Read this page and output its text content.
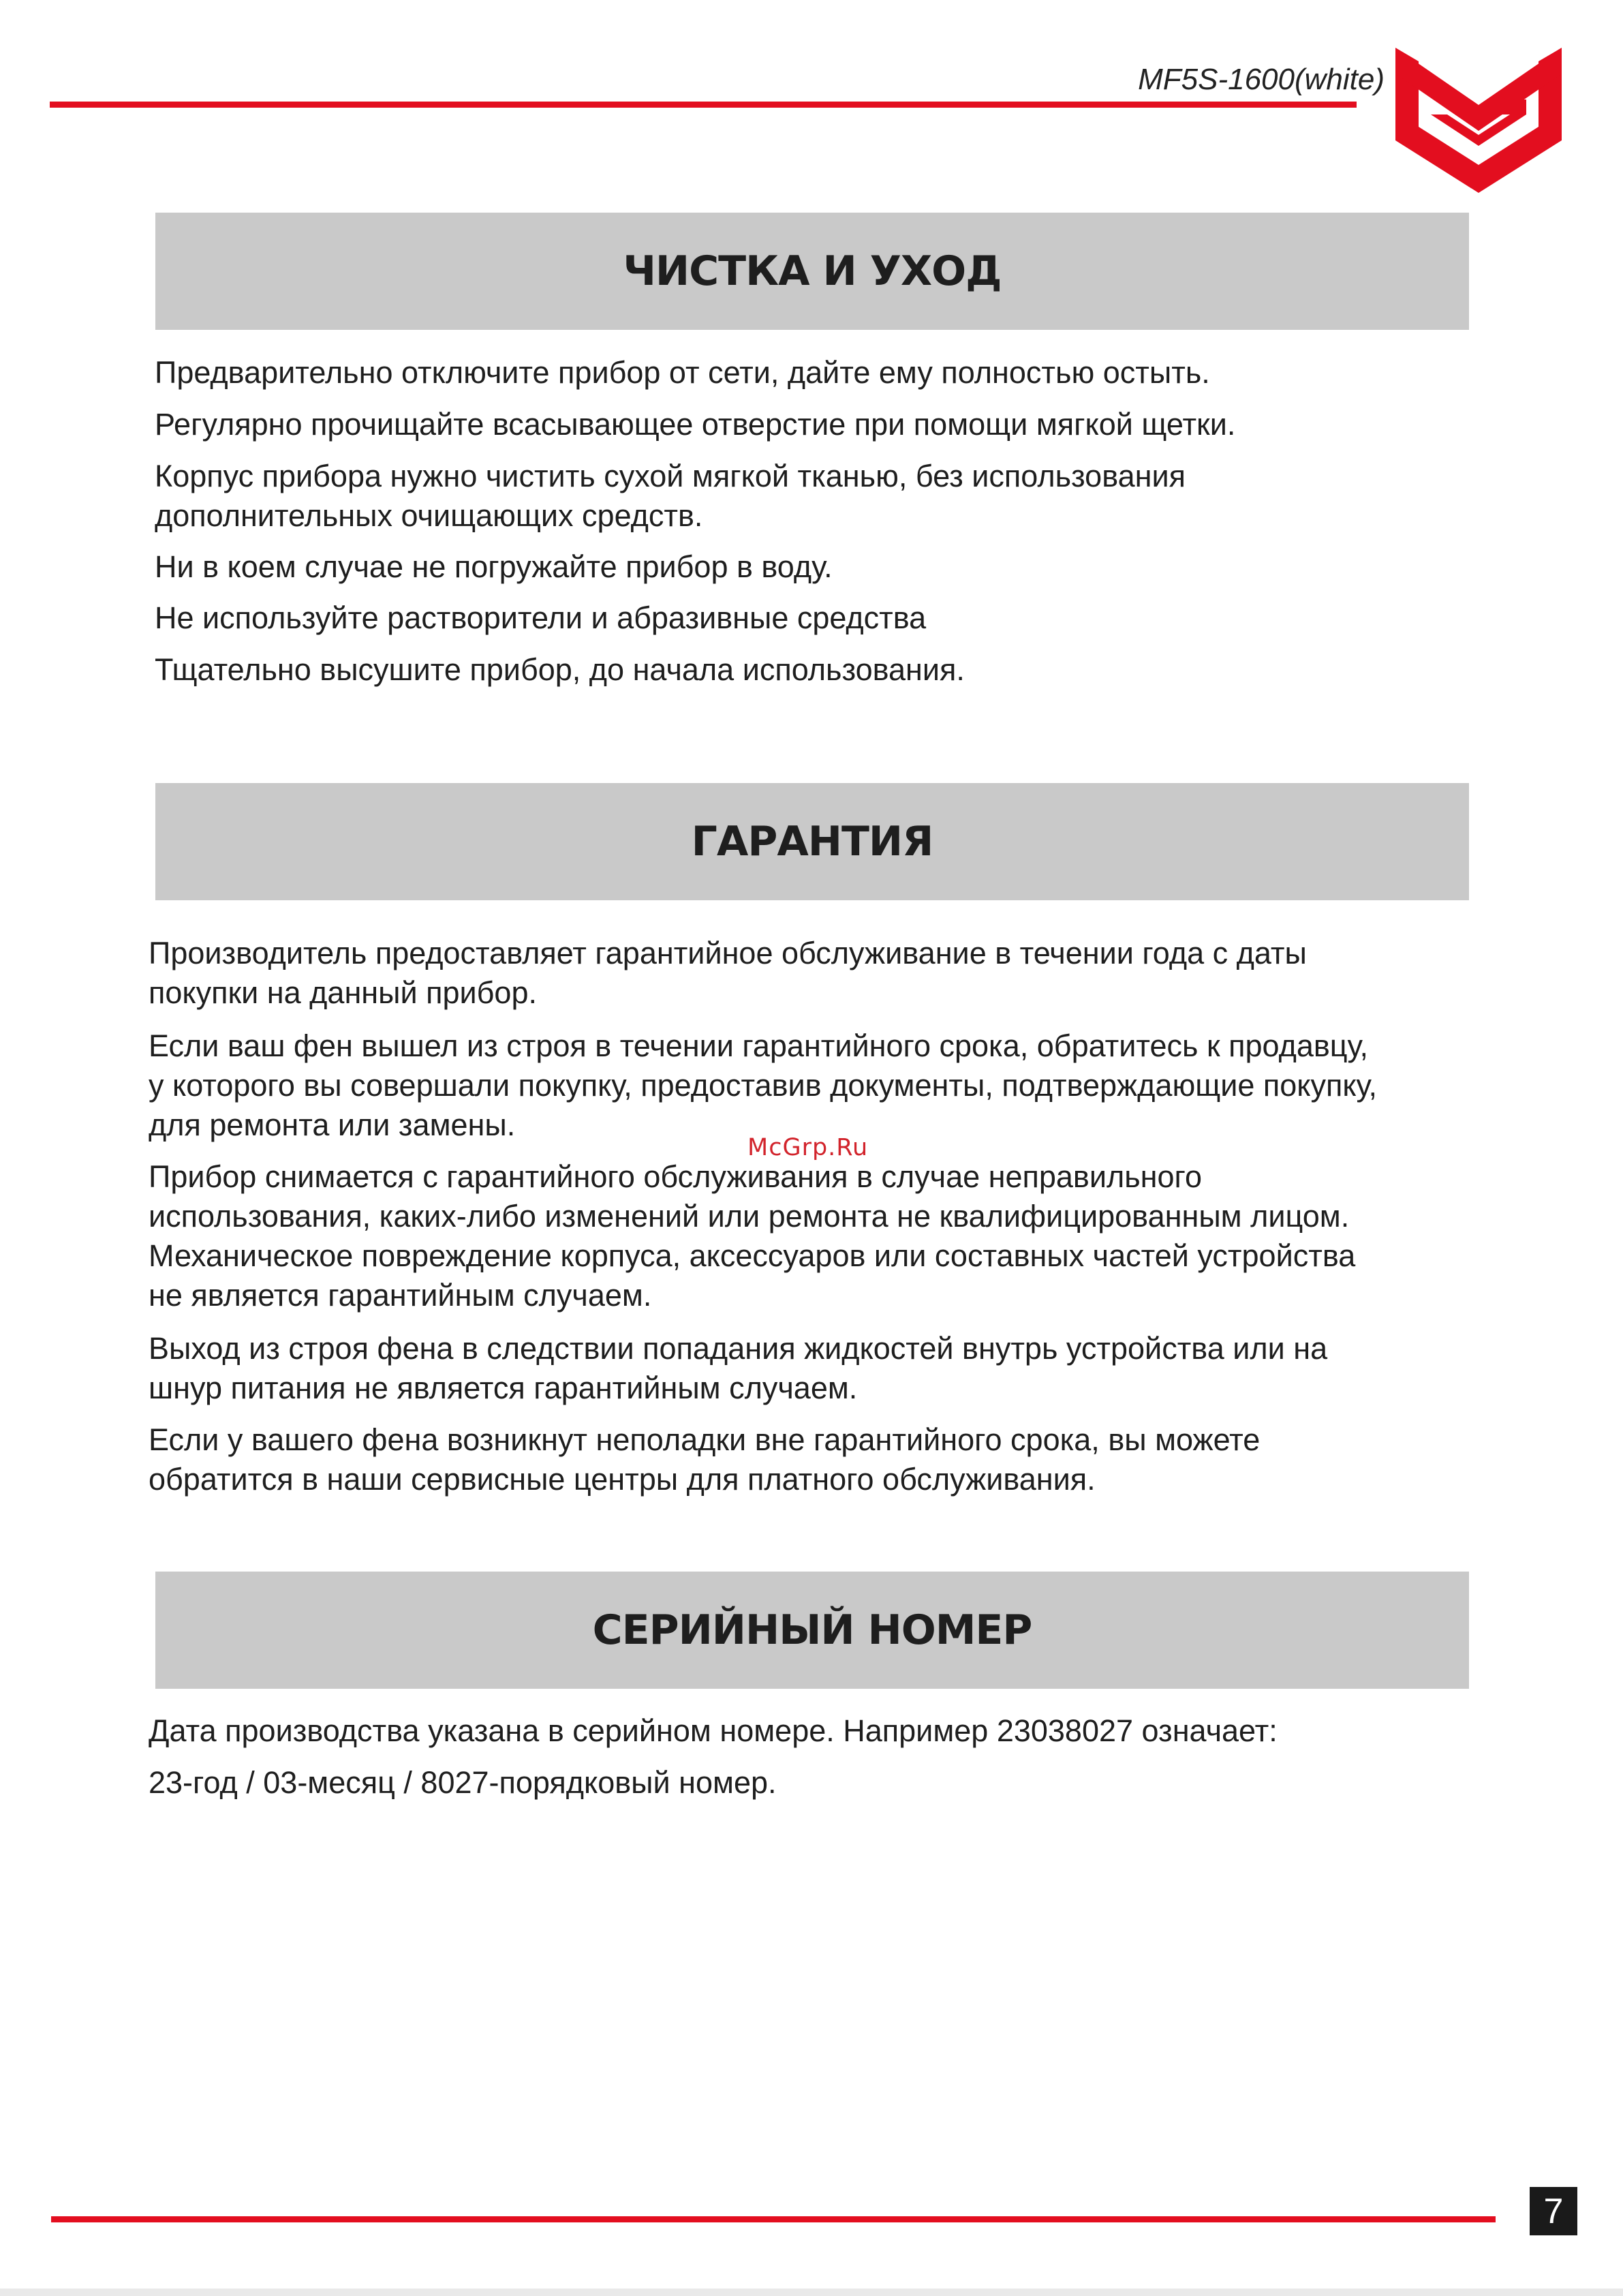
MF5S-1600(white)
ЧИСТКА И УХОД
Предварительно отключите прибор от сети, дайте ему полностью остыть.
Регулярно прочищайте всасывающее отверстие при помощи мягкой щетки.
Корпус прибора нужно чистить сухой мягкой тканью, без использования
дополнительных очищающих средств.
Ни в коем случае не погружайте прибор в воду.
Не используйте растворители и абразивные средства
Тщательно высушите прибор, до начала использования.
ГАРАНТИЯ
Производитель предоставляет гарантийное обслуживание в течении года с даты
покупки на данный прибор.
Если ваш фен вышел из строя в течении гарантийного срока, обратитесь к продавцу,
у которого вы совершали покупку, предоставив документы, подтверждающие покупку,
для ремонта или замены.
Прибор снимается с гарантийного обслуживания в случае неправильного
использования, каких-либо изменений или ремонта не квалифицированным лицом.
Механическое повреждение корпуса, аксессуаров или составных частей устройства
не является гарантийным случаем.
Выход из строя фена в следствии попадания жидкостей внутрь устройства или на
шнур питания не является гарантийным случаем.
Если у вашего фена возникнут неполадки вне гарантийного срока, вы можете
обратится в наши сервисные центры для платного обслуживания.
McGrp.Ru
СЕРИЙНЫЙ НОМЕР
Дата производства указана в серийном номере. Например 23038027 означает:
23-год / 03-месяц / 8027-порядковый номер.
7
